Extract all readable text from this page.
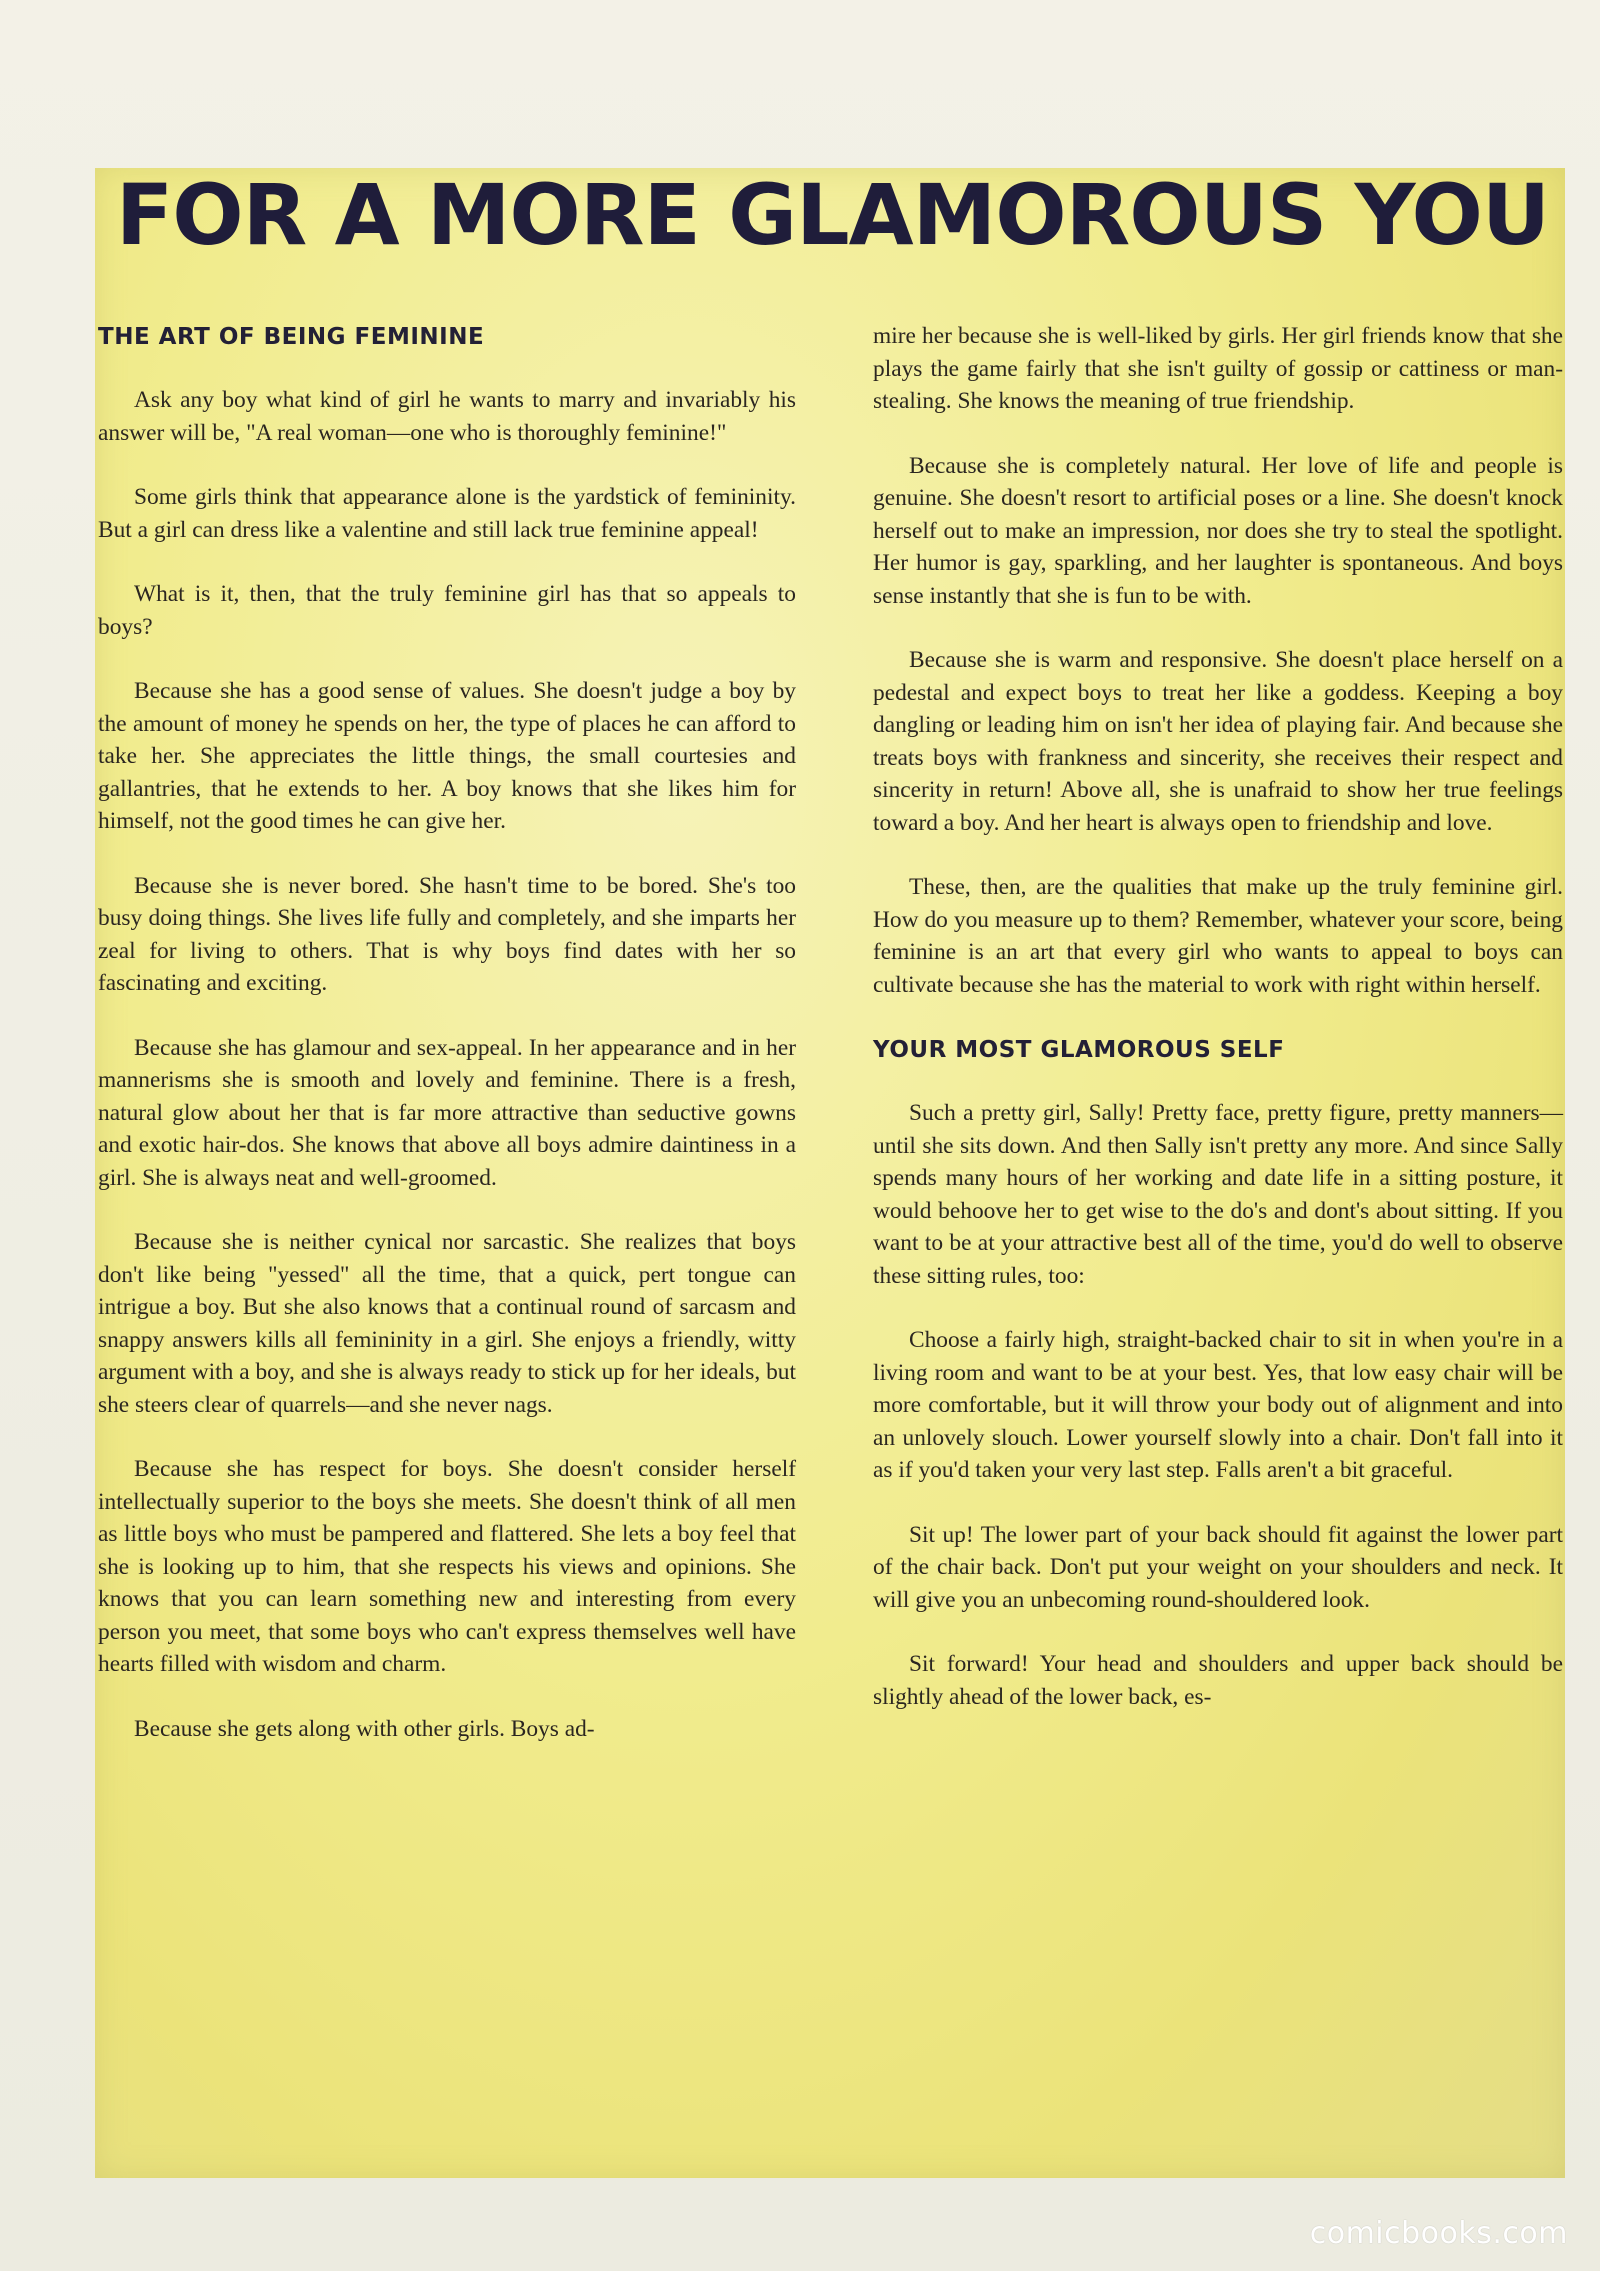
FOR A MORE GLAMOROUS YOU
THE ART OF BEING FEMININE

Ask any boy what kind of girl he wants to marry and invariably his answer will be, "A real woman—one who is thoroughly feminine!"

Some girls think that appearance alone is the yardstick of femininity. But a girl can dress like a valentine and still lack true feminine appeal!

What is it, then, that the truly feminine girl has that so appeals to boys?

Because she has a good sense of values. She doesn't judge a boy by the amount of money he spends on her, the type of places he can afford to take her. She appreciates the little things, the small courtesies and gallantries, that he extends to her. A boy knows that she likes him for himself, not the good times he can give her.

Because she is never bored. She hasn't time to be bored. She's too busy doing things. She lives life fully and completely, and she imparts her zeal for living to others. That is why boys find dates with her so fascinating and exciting.

Because she has glamour and sex-appeal. In her appearance and in her mannerisms she is smooth and lovely and feminine. There is a fresh, natural glow about her that is far more attractive than seductive gowns and exotic hair-dos. She knows that above all boys admire daintiness in a girl. She is always neat and well-groomed.

Because she is neither cynical nor sarcastic. She realizes that boys don't like being "yessed" all the time, that a quick, pert tongue can intrigue a boy. But she also knows that a continual round of sarcasm and snappy answers kills all femininity in a girl. She enjoys a friendly, witty argument with a boy, and she is always ready to stick up for her ideals, but she steers clear of quarrels—and she never nags.

Because she has respect for boys. She doesn't consider herself intellectually superior to the boys she meets. She doesn't think of all men as little boys who must be pampered and flattered. She lets a boy feel that she is looking up to him, that she respects his views and opinions. She knows that you can learn something new and interesting from every person you meet, that some boys who can't express themselves well have hearts filled with wisdom and charm.

Because she gets along with other girls. Boys ad-

mire her because she is well-liked by girls. Her girl friends know that she plays the game fairly that she isn't guilty of gossip or cattiness or man-stealing. She knows the meaning of true friendship.

Because she is completely natural. Her love of life and people is genuine. She doesn't resort to artificial poses or a line. She doesn't knock herself out to make an impression, nor does she try to steal the spotlight. Her humor is gay, sparkling, and her laughter is spontaneous. And boys sense instantly that she is fun to be with.

Because she is warm and responsive. She doesn't place herself on a pedestal and expect boys to treat her like a goddess. Keeping a boy dangling or leading him on isn't her idea of playing fair. And because she treats boys with frankness and sincerity, she receives their respect and sincerity in return! Above all, she is unafraid to show her true feelings toward a boy. And her heart is always open to friendship and love.

These, then, are the qualities that make up the truly feminine girl. How do you measure up to them? Remember, whatever your score, being feminine is an art that every girl who wants to appeal to boys can cultivate because she has the material to work with right within herself.

YOUR MOST GLAMOROUS SELF

Such a pretty girl, Sally! Pretty face, pretty figure, pretty manners—until she sits down. And then Sally isn't pretty any more. And since Sally spends many hours of her working and date life in a sitting posture, it would behoove her to get wise to the do's and dont's about sitting. If you want to be at your attractive best all of the time, you'd do well to observe these sitting rules, too:

Choose a fairly high, straight-backed chair to sit in when you're in a living room and want to be at your best. Yes, that low easy chair will be more comfortable, but it will throw your body out of alignment and into an unlovely slouch. Lower yourself slowly into a chair. Don't fall into it as if you'd taken your very last step. Falls aren't a bit graceful.

Sit up! The lower part of your back should fit against the lower part of the chair back. Don't put your weight on your shoulders and neck. It will give you an unbecoming round-shouldered look.

Sit forward! Your head and shoulders and upper back should be slightly ahead of the lower back, es-

comicbooks.com
